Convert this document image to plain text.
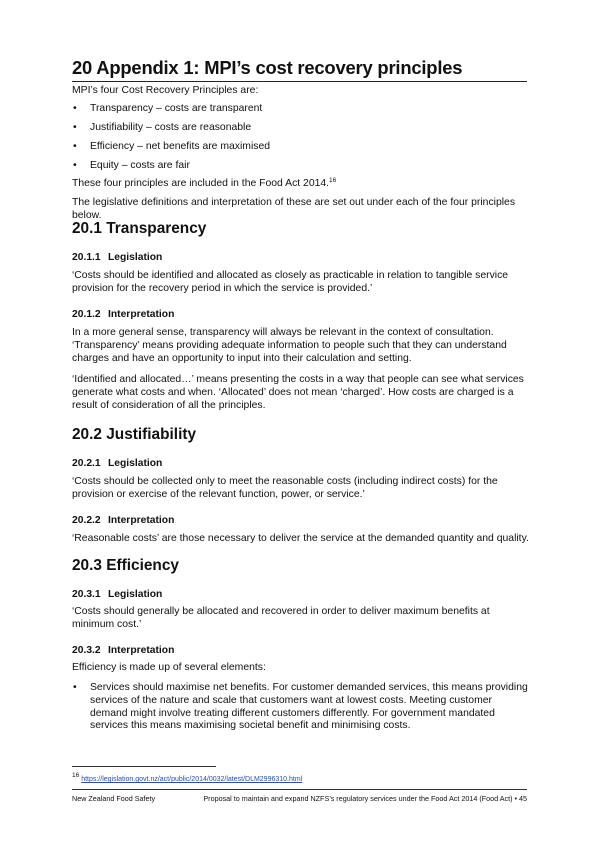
20 Appendix 1: MPI’s cost recovery principles

MPI’s four Cost Recovery Principles are:

• Transparency – costs are transparent
• Justifiability – costs are reasonable
• Efficiency – net benefits are maximised
• Equity – costs are fair

These four principles are included in the Food Act 2014.16

The legislative definitions and interpretation of these are set out under each of the four principles below.

20.1 Transparency
20.1.1 Legislation

‘Costs should be identified and allocated as closely as practicable in relation to tangible service provision for the recovery period in which the service is provided.’

20.1.2 Interpretation

In a more general sense, transparency will always be relevant in the context of consultation. ‘Transparency’ means providing adequate information to people such that they can understand charges and have an opportunity to input into their calculation and setting.

‘Identified and allocated…’ means presenting the costs in a way that people can see what services generate what costs and when. ‘Allocated’ does not mean ‘charged’. How costs are charged is a result of consideration of all the principles.

20.2 Justifiability
20.2.1 Legislation

‘Costs should be collected only to meet the reasonable costs (including indirect costs) for the provision or exercise of the relevant function, power, or service.’

20.2.2 Interpretation

‘Reasonable costs’ are those necessary to deliver the service at the demanded quantity and quality.

20.3 Efficiency
20.3.1 Legislation

‘Costs should generally be allocated and recovered in order to deliver maximum benefits at minimum cost.’

20.3.2 Interpretation

Efficiency is made up of several elements:

• Services should maximise net benefits. For customer demanded services, this means providing services of the nature and scale that customers want at lowest costs. Meeting customer demand might involve treating different customers differently. For government mandated services this means maximising societal benefit and minimising costs.
$^{16}$ https://legislation.govt.nz/act/public/2014/0032/latest/DLM2996310.html
New Zealand Food Safety	Proposal to maintain and expand NZFS’s regulatory services under the Food Act 2014 (Food Act) • 45
